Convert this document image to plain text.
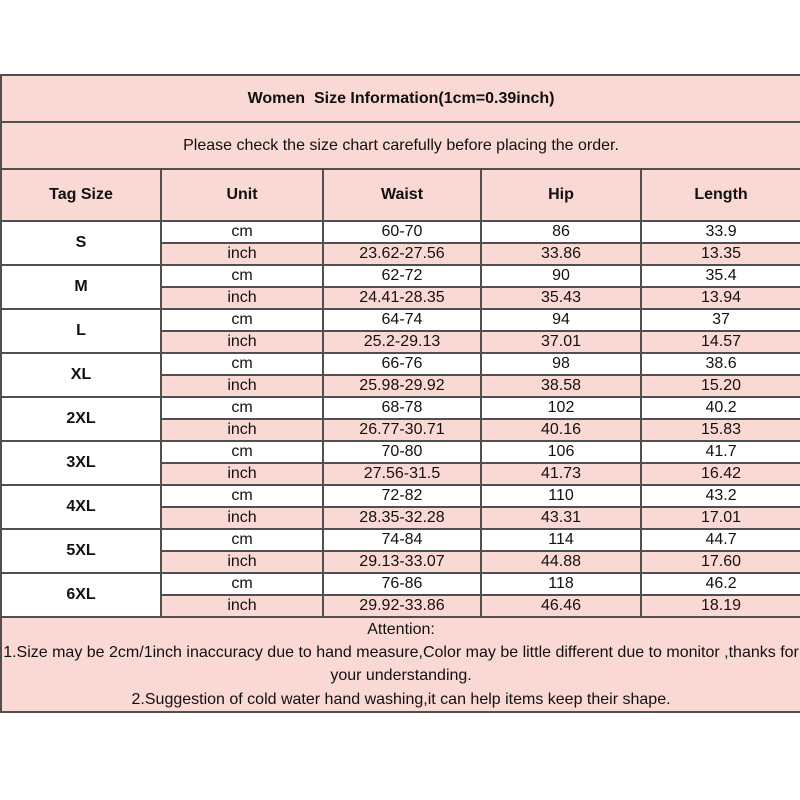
Women  Size Information(1cm=0.39inch)				
Please check the size chart carefully before placing the order.				
Tag Size	Unit	Waist	Hip	Length
S	cm	60-70	86	33.9
	inch	23.62-27.56	33.86	13.35
M	cm	62-72	90	35.4
	inch	24.41-28.35	35.43	13.94
L	cm	64-74	94	37
	inch	25.2-29.13	37.01	14.57
XL	cm	66-76	98	38.6
	inch	25.98-29.92	38.58	15.20
2XL	cm	68-78	102	40.2
	inch	26.77-30.71	40.16	15.83
3XL	cm	70-80	106	41.7
	inch	27.56-31.5	41.73	16.42
4XL	cm	72-82	110	43.2
	inch	28.35-32.28	43.31	17.01
5XL	cm	74-84	114	44.7
	inch	29.13-33.07	44.88	17.60
6XL	cm	76-86	118	46.2
	inch	29.92-33.86	46.46	18.19

Attention:
1.Size may be 2cm/1inch inaccuracy due to hand measure,Color may be little different due to monitor ,thanks for your understanding.
2.Suggestion of cold water hand washing,it can help items keep their shape.				
